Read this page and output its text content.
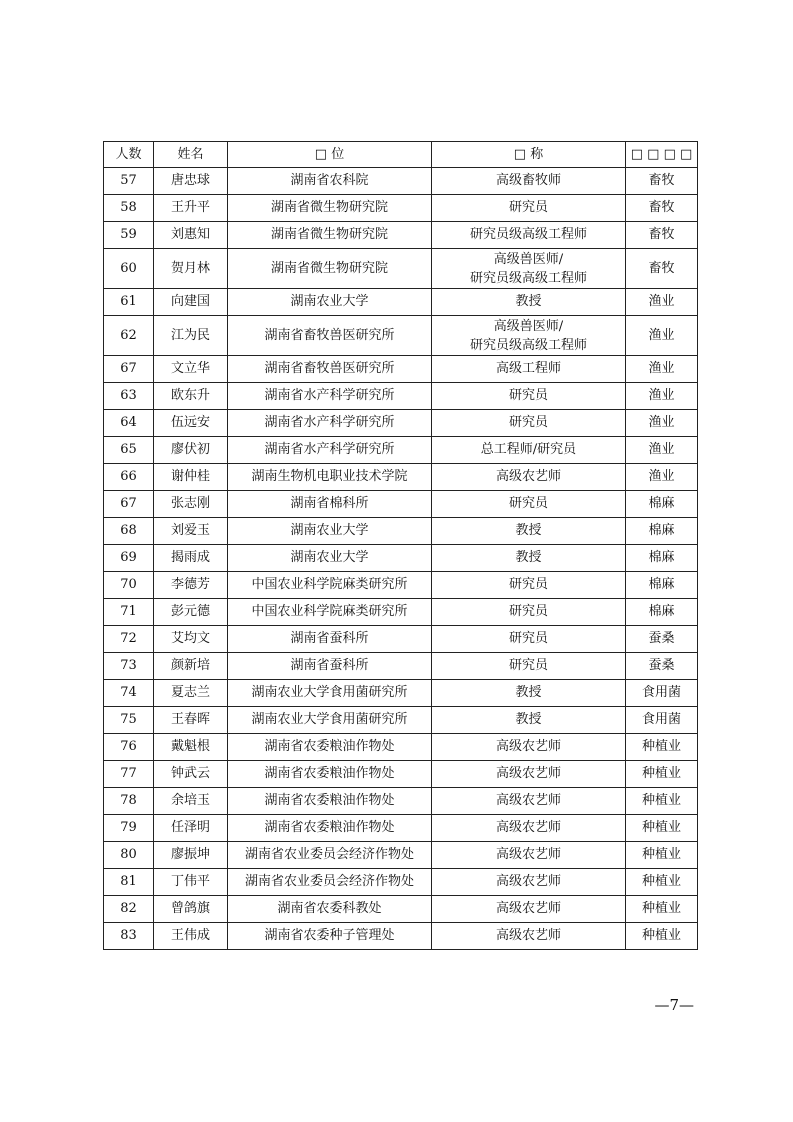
人数	姓名	□ 位	□ 称	□ □ □ □
57	唐忠球	湖南省农科院	高级畜牧师	畜牧
58	王升平	湖南省微生物研究院	研究员	畜牧
59	刘惠知	湖南省微生物研究院	研究员级高级工程师	畜牧
60	贺月林	湖南省微生物研究院	高级兽医师/
研究员级高级工程师	畜牧
61	向建国	湖南农业大学	教授	渔业
62	江为民	湖南省畜牧兽医研究所	高级兽医师/
研究员级高级工程师	渔业
67	文立华	湖南省畜牧兽医研究所	高级工程师	渔业
63	欧东升	湖南省水产科学研究所	研究员	渔业
64	伍远安	湖南省水产科学研究所	研究员	渔业
65	廖伏初	湖南省水产科学研究所	总工程师/研究员	渔业
66	谢仲桂	湖南生物机电职业技术学院	高级农艺师	渔业
67	张志刚	湖南省棉科所	研究员	棉麻
68	刘爱玉	湖南农业大学	教授	棉麻
69	揭雨成	湖南农业大学	教授	棉麻
70	李德芳	中国农业科学院麻类研究所	研究员	棉麻
71	彭元德	中国农业科学院麻类研究所	研究员	棉麻
72	艾均文	湖南省蚕科所	研究员	蚕桑
73	颜新培	湖南省蚕科所	研究员	蚕桑
74	夏志兰	湖南农业大学食用菌研究所	教授	食用菌
75	王春晖	湖南农业大学食用菌研究所	教授	食用菌
76	戴魁根	湖南省农委粮油作物处	高级农艺师	种植业
77	钟武云	湖南省农委粮油作物处	高级农艺师	种植业
78	余培玉	湖南省农委粮油作物处	高级农艺师	种植业
79	任泽明	湖南省农委粮油作物处	高级农艺师	种植业
80	廖振坤	湖南省农业委员会经济作物处	高级农艺师	种植业
81	丁伟平	湖南省农业委员会经济作物处	高级农艺师	种植业
82	曾鸽旗	湖南省农委科教处	高级农艺师	种植业
83	王伟成	湖南省农委种子管理处	高级农艺师	种植业
—7—
